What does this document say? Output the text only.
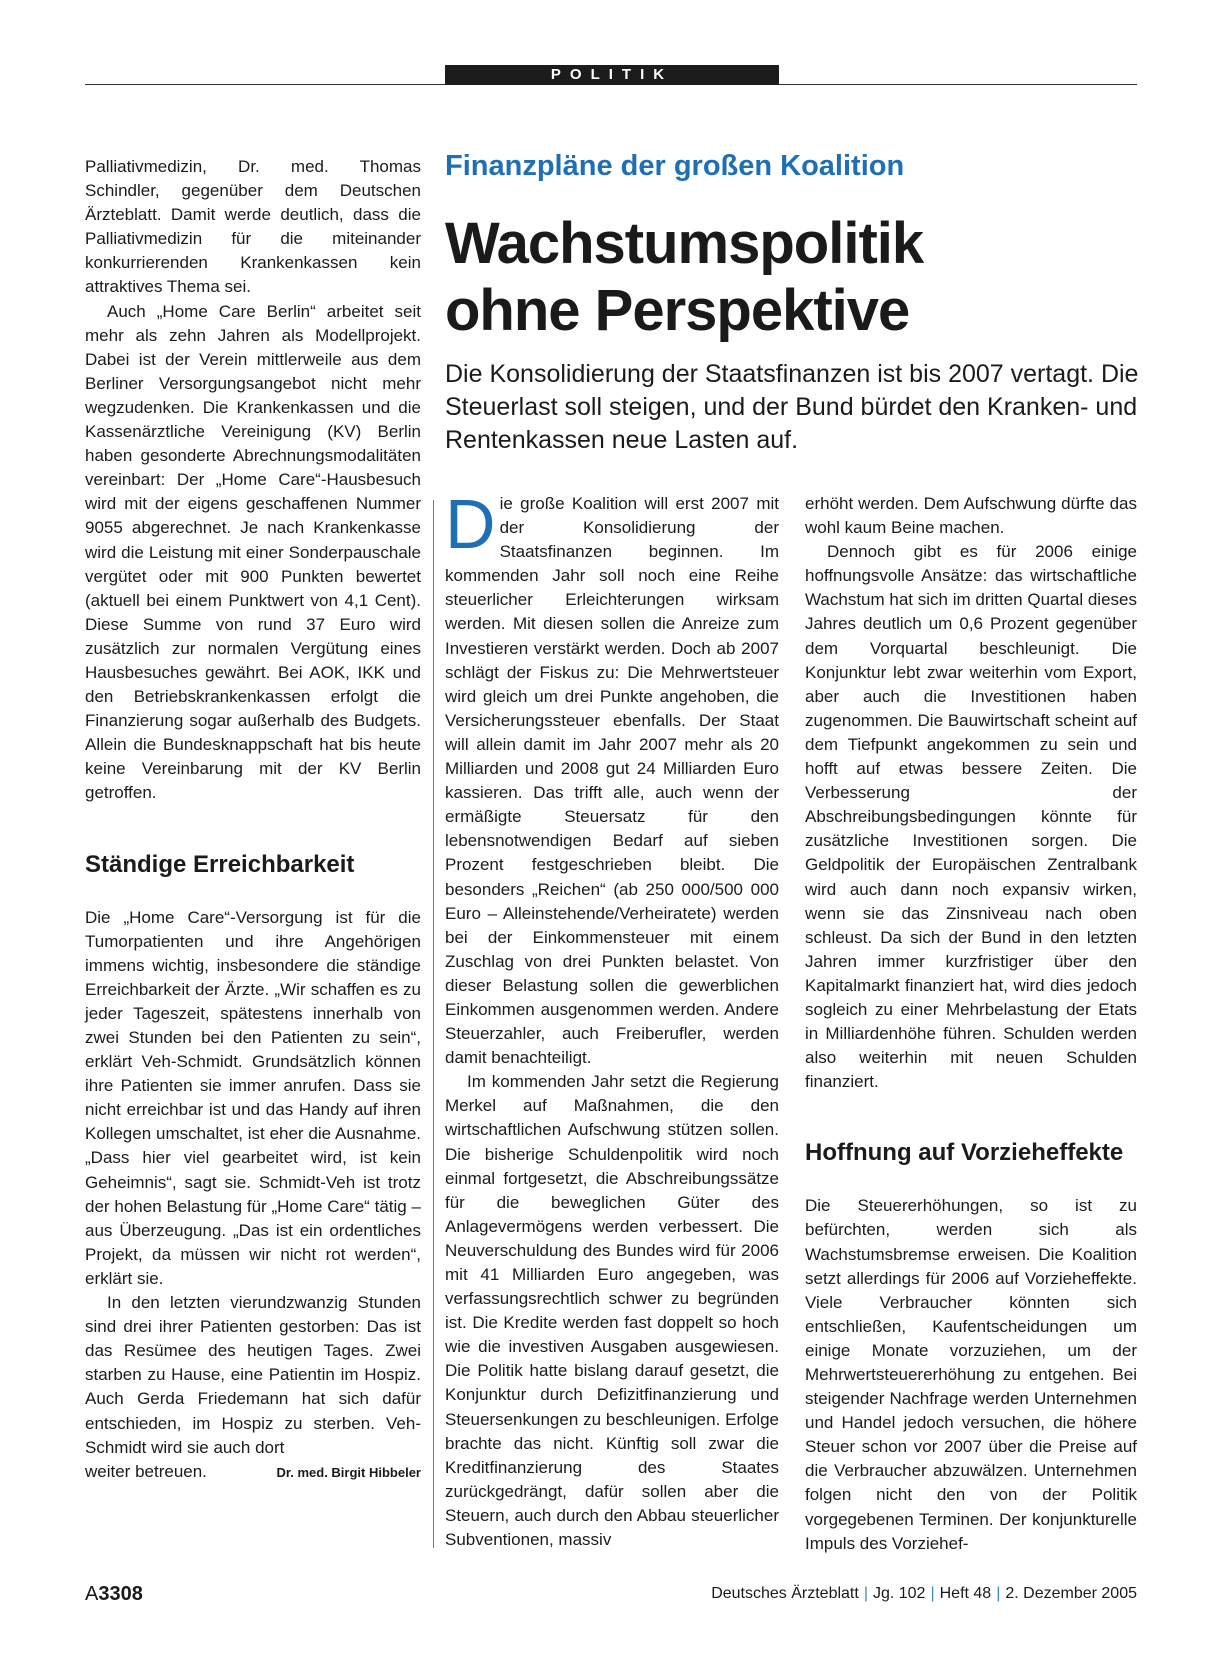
POLITIK
Finanzpläne der großen Koalition
Wachstumspolitik
ohne Perspektive
Die Konsolidierung der Staatsfinanzen ist bis 2007 vertagt. Die Steuerlast soll steigen, und der Bund bürdet den Kranken- und Rentenkassen neue Lasten auf.

Palliativmedizin, Dr. med. Thomas Schindler, gegenüber dem Deutschen Ärzteblatt. Damit werde deutlich, dass die Palliativmedizin für die miteinander konkurrierenden Krankenkassen kein attraktives Thema sei.

Auch „Home Care Berlin“ arbeitet seit mehr als zehn Jahren als Modellprojekt. Dabei ist der Verein mittlerweile aus dem Berliner Versorgungsangebot nicht mehr wegzudenken. Die Krankenkassen und die Kassenärztliche Vereinigung (KV) Berlin haben gesonderte Abrechnungsmodalitäten vereinbart: Der „Home Care“-Hausbesuch wird mit der eigens geschaffenen Nummer 9055 abgerechnet. Je nach Krankenkasse wird die Leistung mit einer Sonderpauschale vergütet oder mit 900 Punkten bewertet (aktuell bei einem Punktwert von 4,1 Cent). Diese Summe von rund 37 Euro wird zusätzlich zur normalen Vergütung eines Hausbesuches gewährt. Bei AOK, IKK und den Betriebskrankenkassen erfolgt die Finanzierung sogar außerhalb des Budgets. Allein die Bundesknappschaft hat bis heute keine Vereinbarung mit der KV Berlin getroffen.

Ständige Erreichbarkeit

Die „Home Care“-Versorgung ist für die Tumorpatienten und ihre Angehörigen immens wichtig, insbesondere die ständige Erreichbarkeit der Ärzte. „Wir schaffen es zu jeder Tageszeit, spätestens innerhalb von zwei Stunden bei den Patienten zu sein“, erklärt Veh-Schmidt. Grundsätzlich können ihre Patienten sie immer anrufen. Dass sie nicht erreichbar ist und das Handy auf ihren Kollegen umschaltet, ist eher die Ausnahme. „Dass hier viel gearbeitet wird, ist kein Geheimnis“, sagt sie. Schmidt-Veh ist trotz der hohen Belastung für „Home Care“ tätig – aus Überzeugung. „Das ist ein ordentliches Projekt, da müssen wir nicht rot werden“, erklärt sie.

In den letzten vierundzwanzig Stunden sind drei ihrer Patienten gestorben: Das ist das Resümee des heutigen Tages. Zwei starben zu Hause, eine Patientin im Hospiz. Auch Gerda Friedemann hat sich dafür entschieden, im Hospiz zu sterben. Veh-Schmidt wird sie auch dort

weiter betreuen.	Dr. med. Birgit Hibbeler

Die große Koalition will erst 2007 mit der Konsolidierung der Staatsfinanzen beginnen. Im kommenden Jahr soll noch eine Reihe steuerlicher Erleichterungen wirksam werden. Mit diesen sollen die Anreize zum Investieren verstärkt werden. Doch ab 2007 schlägt der Fiskus zu: Die Mehrwertsteuer wird gleich um drei Punkte angehoben, die Versicherungssteuer ebenfalls. Der Staat will allein damit im Jahr 2007 mehr als 20 Milliarden und 2008 gut 24 Milliarden Euro kassieren. Das trifft alle, auch wenn der ermäßigte Steuersatz für den lebensnotwendigen Bedarf auf sieben Prozent festgeschrieben bleibt. Die besonders „Reichen“ (ab 250 000/500 000 Euro – Alleinstehende/Verheiratete) werden bei der Einkommensteuer mit einem Zuschlag von drei Punkten belastet. Von dieser Belastung sollen die gewerblichen Einkommen ausgenommen werden. Andere Steuerzahler, auch Freiberufler, werden damit benachteiligt.

Im kommenden Jahr setzt die Regierung Merkel auf Maßnahmen, die den wirtschaftlichen Aufschwung stützen sollen. Die bisherige Schuldenpolitik wird noch einmal fortgesetzt, die Abschreibungssätze für die beweglichen Güter des Anlagevermögens werden verbessert. Die Neuverschuldung des Bundes wird für 2006 mit 41 Milliarden Euro angegeben, was verfassungsrechtlich schwer zu begründen ist. Die Kredite werden fast doppelt so hoch wie die investiven Ausgaben ausgewiesen. Die Politik hatte bislang darauf gesetzt, die Konjunktur durch Defizitfinanzierung und Steuersenkungen zu beschleunigen. Erfolge brachte das nicht. Künftig soll zwar die Kreditfinanzierung des Staates zurückgedrängt, dafür sollen aber die Steuern, auch durch den Abbau steuerlicher Subventionen, massiv

erhöht werden. Dem Aufschwung dürfte das wohl kaum Beine machen.

Dennoch gibt es für 2006 einige hoffnungsvolle Ansätze: das wirtschaftliche Wachstum hat sich im dritten Quartal dieses Jahres deutlich um 0,6 Prozent gegenüber dem Vorquartal beschleunigt. Die Konjunktur lebt zwar weiterhin vom Export, aber auch die Investitionen haben zugenommen. Die Bauwirtschaft scheint auf dem Tiefpunkt angekommen zu sein und hofft auf etwas bessere Zeiten. Die Verbesserung der Abschreibungsbedingungen könnte für zusätzliche Investitionen sorgen. Die Geldpolitik der Europäischen Zentralbank wird auch dann noch expansiv wirken, wenn sie das Zinsniveau nach oben schleust. Da sich der Bund in den letzten Jahren immer kurzfristiger über den Kapitalmarkt finanziert hat, wird dies jedoch sogleich zu einer Mehrbelastung der Etats in Milliardenhöhe führen. Schulden werden also weiterhin mit neuen Schulden finanziert.

Hoffnung auf Vorzieheffekte

Die Steuererhöhungen, so ist zu befürchten, werden sich als Wachstumsbremse erweisen. Die Koalition setzt allerdings für 2006 auf Vorzieheffekte. Viele Verbraucher könnten sich entschließen, Kaufentscheidungen um einige Monate vorzuziehen, um der Mehrwertsteuererhöhung zu entgehen. Bei steigender Nachfrage werden Unternehmen und Handel jedoch versuchen, die höhere Steuer schon vor 2007 über die Preise auf die Verbraucher abzuwälzen. Unternehmen folgen nicht den von der Politik vorgegebenen Terminen. Der konjunkturelle Impuls des Vorziehef-

A3308	Deutsches Ärzteblatt | Jg. 102 | Heft 48 | 2. Dezember 2005
